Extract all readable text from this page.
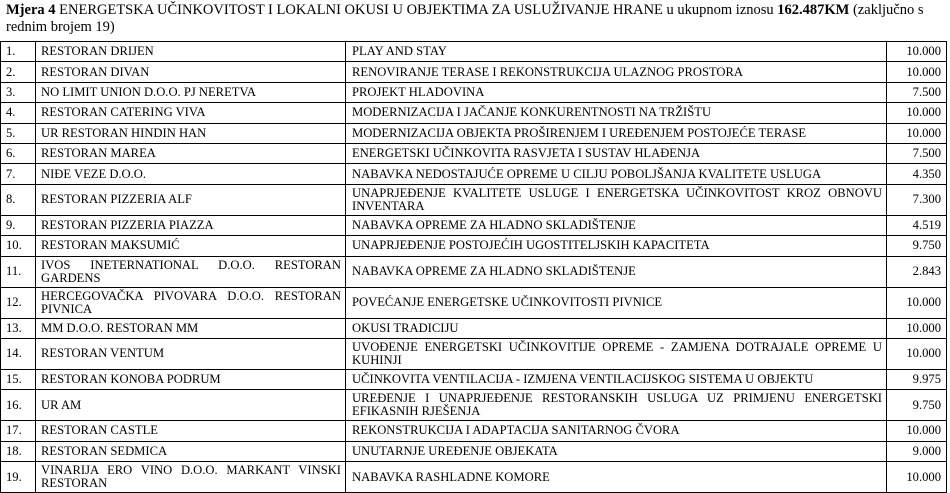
Mjera 4 ENERGETSKA UČINKOVITOST I LOKALNI OKUSI U OBJEKTIMA ZA USLUŽIVANJE HRANE u ukupnom iznosu 162.487KM (zaključno s rednim brojem 19)
1.	RESTORAN DRIJEN	PLAY AND STAY	10.000
2.	RESTORAN DIVAN	RENOVIRANJE TERASE I REKONSTRUKCIJA ULAZNOG PROSTORA	10.000
3.	NO LIMIT UNION D.O.O. PJ NERETVA	PROJEKT HLADOVINA	7.500
4.	RESTORAN CATERING VIVA	MODERNIZACIJA I JAČANJE KONKURENTNOSTI NA TRŽIŠTU	10.000
5.	UR RESTORAN HINDIN HAN	MODERNIZACIJA OBJEKTA PROŠIRENJEM I UREĐENJEM POSTOJEĆE TERASE	10.000
6.	RESTORAN MAREA	ENERGETSKI UČINKOVITA RASVJETA I SUSTAV HLAĐENJA	7.500
7.	NIĐE VEZE D.O.O.	NABAVKA NEDOSTAJUĆE OPREME U CILJU POBOLJŠANJA KVALITETE USLUGA	4.350
8.	RESTORAN PIZZERIA ALF	UNAPRJEĐENJE KVALITETE USLUGE I ENERGETSKA UČINKOVITOST KROZ OBNOVU INVENTARA	7.300
9.	RESTORAN PIZZERIA PIAZZA	NABAVKA OPREME ZA HLADNO SKLADIŠTENJE	4.519
10.	RESTORAN MAKSUMIĆ	UNAPRJEĐENJE POSTOJEĆIH UGOSTITELJSKIH KAPACITETA	9.750
11.	IVOS INETERNATIONAL D.O.O. RESTORAN GARDENS	NABAVKA OPREME ZA HLADNO SKLADIŠTENJE	2.843
12.	HERCEGOVAČKA PIVOVARA D.O.O. RESTORAN PIVNICA	POVEĆANJE ENERGETSKE UČINKOVITOSTI PIVNICE	10.000
13.	MM D.O.O. RESTORAN MM	OKUSI TRADICIJU	10.000
14.	RESTORAN VENTUM	UVOĐENJE ENERGETSKI UČINKOVITIJE OPREME - ZAMJENA DOTRAJALE OPREME U KUHINJI	10.000
15.	RESTORAN KONOBA PODRUM	UČINKOVITA VENTILACIJA - IZMJENA VENTILACIJSKOG SISTEMA U OBJEKTU	9.975
16.	UR AM	UREĐENJE I UNAPRJEĐENJE RESTORANSKIH USLUGA UZ PRIMJENU ENERGETSKI EFIKASNIH RJEŠENJA	9.750
17.	RESTORAN CASTLE	REKONSTRUKCIJA I ADAPTACIJA SANITARNOG ČVORA	10.000
18.	RESTORAN SEDMICA	UNUTARNJE UREĐENJE OBJEKATA	9.000
19.	VINARIJA ERO VINO D.O.O. MARKANT VINSKI RESTORAN	NABAVKA RASHLADNE KOMORE	10.000
